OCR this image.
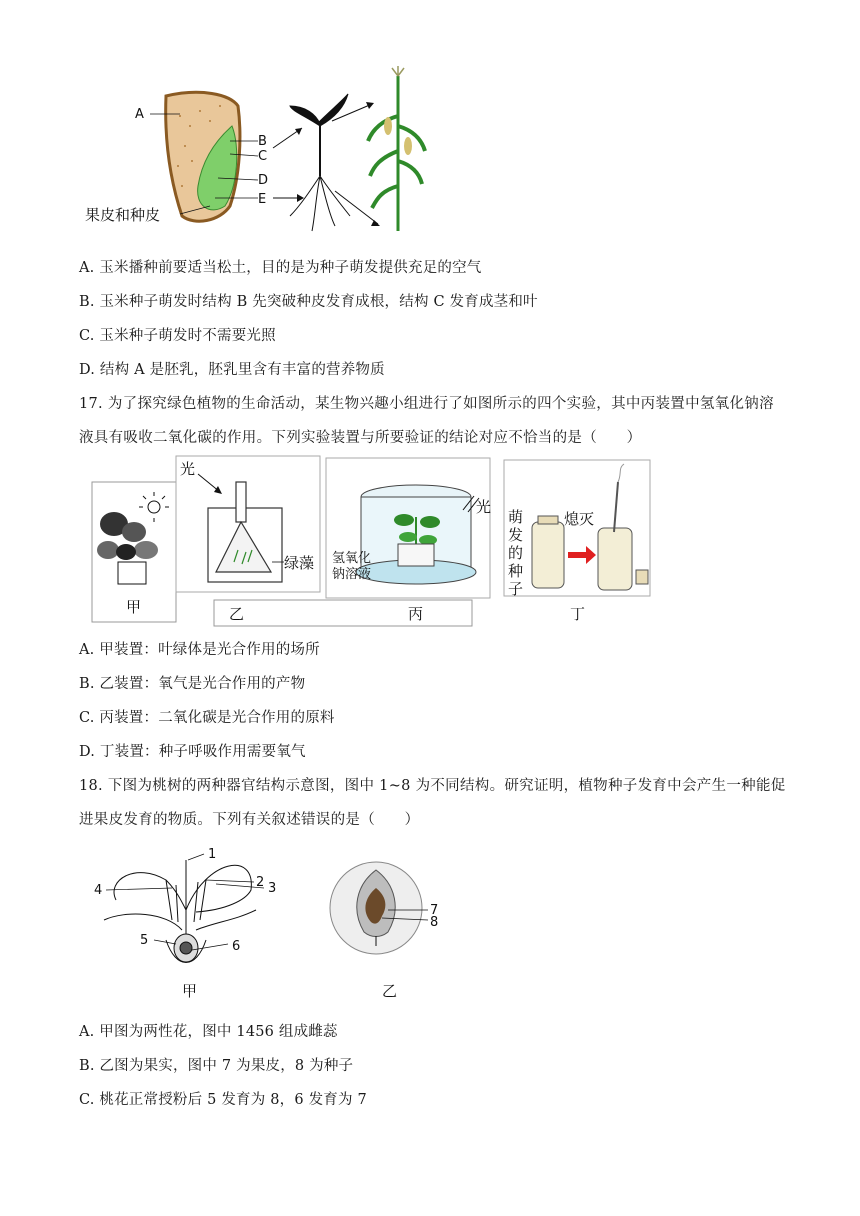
A
B
C
D
E
果皮和种皮
A. 玉米播种前要适当松土，目的是为种子萌发提供充足的空气
B. 玉米种子萌发时结构 B 先突破种皮发育成根，结构 C 发育成茎和叶
C. 玉米种子萌发时不需要光照
D. 结构 A 是胚乳，胚乳里含有丰富的营养物质
17. 为了探究绿色植物的生命活动，某生物兴趣小组进行了如图所示的四个实验，其中丙装置中氢氧化钠溶
液具有吸收二氧化碳的作用。下列实验装置与所要验证的结论对应不恰当的是（　　）
甲
光
绿藻
乙
光
氢氧化
钠溶液
丙
萌
发
的
种
子
熄灭
丁
A. 甲装置：叶绿体是光合作用的场所
B. 乙装置：氧气是光合作用的产物
C. 丙装置：二氧化碳是光合作用的原料
D. 丁装置：种子呼吸作用需要氧气
18. 下图为桃树的两种器官结构示意图，图中 1~8 为不同结构。研究证明，植物种子发育中会产生一种能促
进果皮发育的物质。下列有关叙述错误的是（　　）
1
2 3
4
5	6
甲
7
8
乙
A. 甲图为两性花，图中 1456 组成雌蕊
B. 乙图为果实，图中 7 为果皮，8 为种子
C. 桃花正常授粉后 5 发育为 8，6 发育为 7
